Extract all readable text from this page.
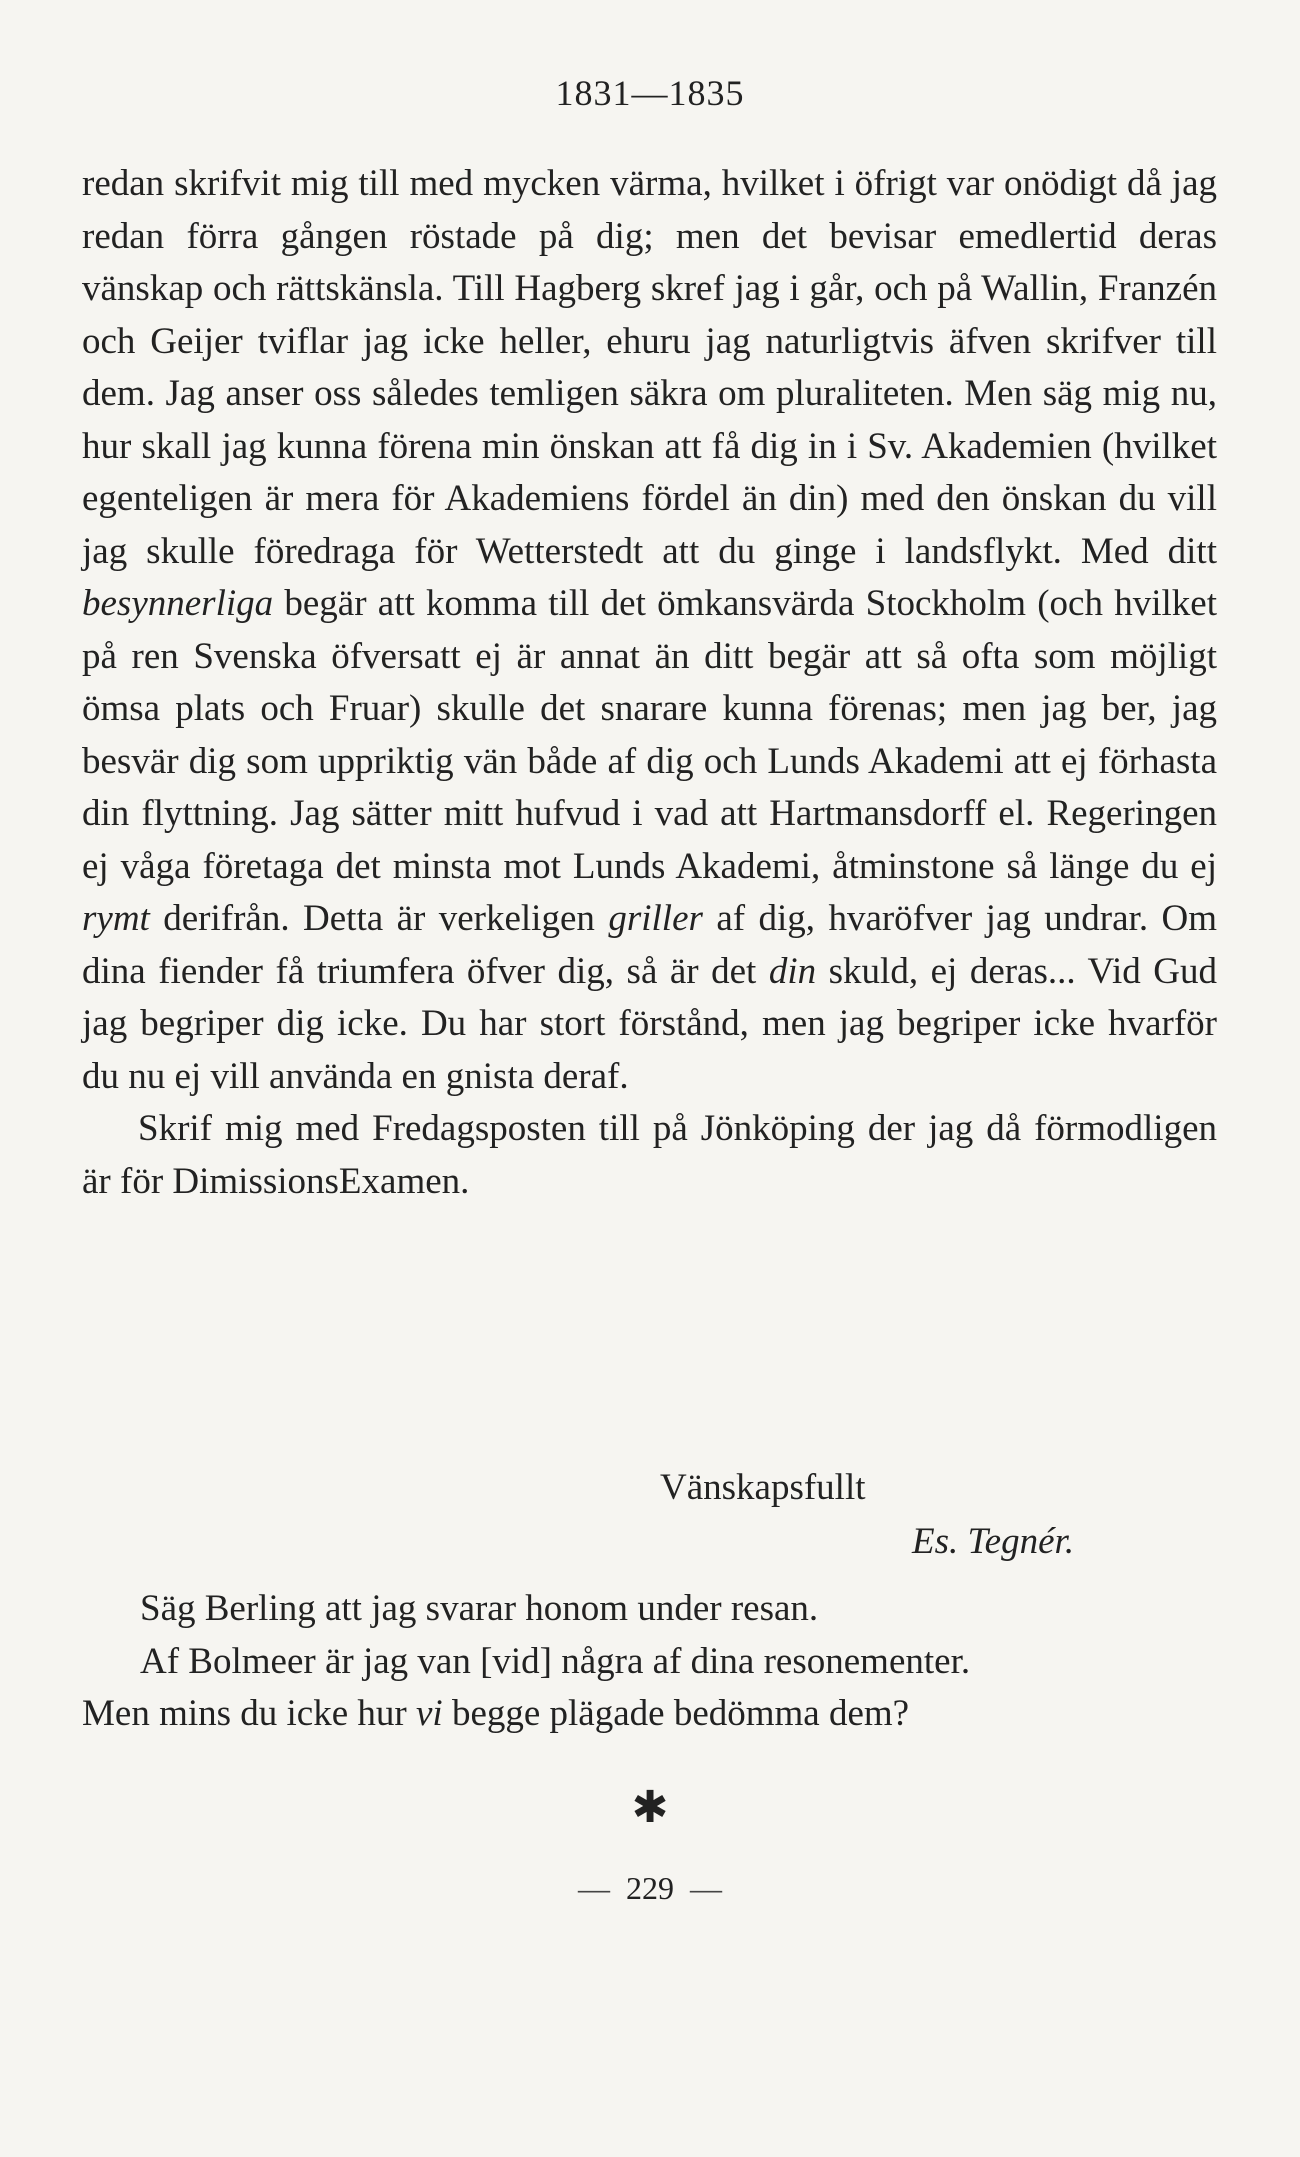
1831—1835

redan skrifvit mig till med mycken värma, hvilket i öfrigt var onödigt då jag redan förra gången röstade på dig; men det bevisar emedlertid deras vänskap och rättskänsla. Till Hagberg skref jag i går, och på Wallin, Franzén och Geijer tviflar jag icke heller, ehuru jag naturligtvis äfven skrifver till dem. Jag anser oss således temligen säkra om pluraliteten. Men säg mig nu, hur skall jag kunna förena min önskan att få dig in i Sv. Akademien (hvilket egenteligen är mera för Akademiens fördel än din) med den önskan du vill jag skulle föredraga för Wetterstedt att du ginge i landsflykt. Med ditt besynnerliga begär att komma till det ömkansvärda Stockholm (och hvilket på ren Svenska öfversatt ej är annat än ditt begär att så ofta som möjligt ömsa plats och Fruar) skulle det snarare kunna förenas; men jag ber, jag besvär dig som uppriktig vän både af dig och Lunds Akademi att ej förhasta din flyttning. Jag sätter mitt hufvud i vad att Hartmansdorff el. Regeringen ej våga företaga det minsta mot Lunds Akademi, åtminstone så länge du ej rymt derifrån. Detta är verkeligen griller af dig, hvaröfver jag undrar. Om dina fiender få triumfera öfver dig, så är det din skuld, ej deras... Vid Gud jag begriper dig icke. Du har stort förstånd, men jag begriper icke hvarför du nu ej vill använda en gnista deraf.

Skrif mig med Fredagsposten till på Jönköping der jag då förmodligen är för DimissionsExamen.

Vänskapsfullt
Es. Tegnér.

Säg Berling att jag svarar honom under resan.

Af Bolmeer är jag van [vid] några af dina resonementer.

Men mins du icke hur vi begge plägade bedömma dem?

✱
— 229 —
